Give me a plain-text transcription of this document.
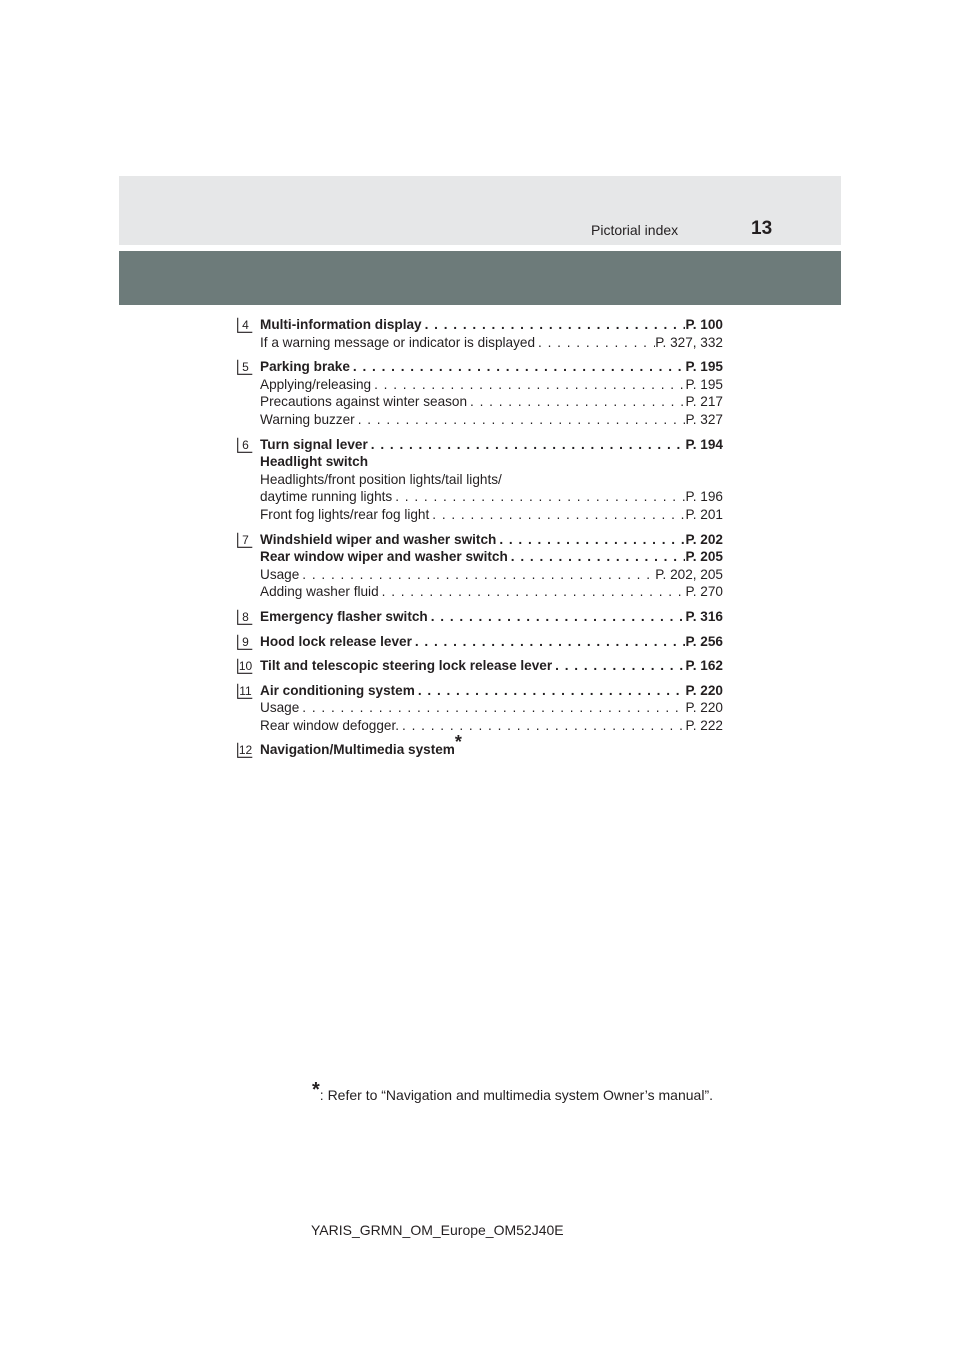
Pictorial index	13
4 Multi-information display . . .	P. 100
If a warning message or indicator is displayed . . .	P. 327, 332
5 Parking brake . . .	P. 195
Applying/releasing . . .	P. 195
Precautions against winter season . . .	P. 217
Warning buzzer . . .	P. 327
6 Turn signal lever . . .	P. 194
Headlight switch
Headlights/front position lights/tail lights/
daytime running lights . . .	P. 196
Front fog lights/rear fog light . . .	P. 201
7 Windshield wiper and washer switch . . .	P. 202
Rear window wiper and washer switch . . .	P. 205
Usage . . .	P. 202, 205
Adding washer fluid . . .	P. 270
8 Emergency flasher switch . . .	P. 316
9 Hood lock release lever . . .	P. 256
10 Tilt and telescopic steering lock release lever . . .	P. 162
11 Air conditioning system . . .	P. 220
Usage . . .	P. 220
Rear window defogger. . . .	P. 222
12 Navigation/Multimedia system*
*: Refer to “Navigation and multimedia system Owner’s manual”.
YARIS_GRMN_OM_Europe_OM52J40E
